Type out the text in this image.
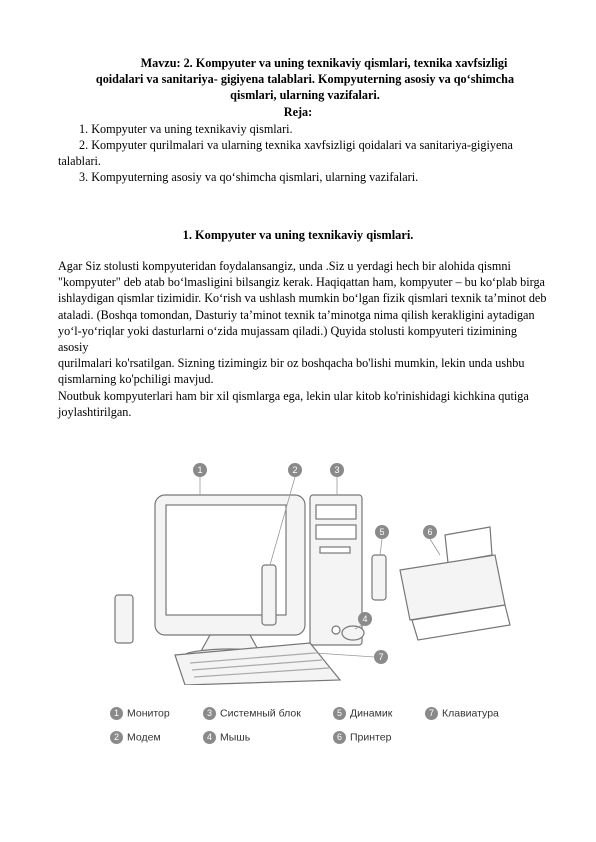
Mavzu: 2. Kompyuter va uning texnikaviy qismlari, texnika xavfsizligi
qoidalari va sanitariya- gigiyena talablari. Kompyuterning asosiy va qo‘shimcha
qismlari, ularning vazifalari.
Reja:

1. Kompyuter va uning texnikaviy qismlari.

2. Kompyuter qurilmalari va ularning texnika xavfsizligi qoidalari va sanitariya-gigiyena talablari.

3. Kompyuterning asosiy va qo‘shimcha qismlari, ularning vazifalari.

1. Kompyuter va uning texnikaviy qismlari.

Agar Siz stolusti kompyuteridan foydalansangiz, unda .Siz u yerdagi hech bir alohida qismni "kompyuter" deb atab bo‘lmasligini bilsangiz kerak. Haqiqattan ham, kompyuter – bu ko‘plab birga ishlaydigan qismlar tizimidir. Ko‘rish va ushlash mumkin bo‘lgan fizik qismlari texnik ta’minot deb ataladi. (Boshqa tomondan, Dasturiy ta’minot texnik ta’minotga nima qilish kerakligini aytadigan yo‘l-yo‘riqlar yoki dasturlarni o‘zida mujassam qiladi.) Quyida stolusti kompyuteri tizimining asosiy

qurilmalari ko'rsatilgan. Sizning tizimingiz bir oz boshqacha bo'lishi mumkin, lekin unda ushbu qismlarning ko'pchiligi mavjud.

Noutbuk kompyuterlari ham bir xil qismlarga ega, lekin ular kitob ko'rinishidagi kichkina qutiga joylashtirilgan.

1	2	3
5	6
4
7
1 Монитор	3 Системный блок	5 Динамик	7 Клавиатура
2 Модем	4 Мышь	6 Принтер
